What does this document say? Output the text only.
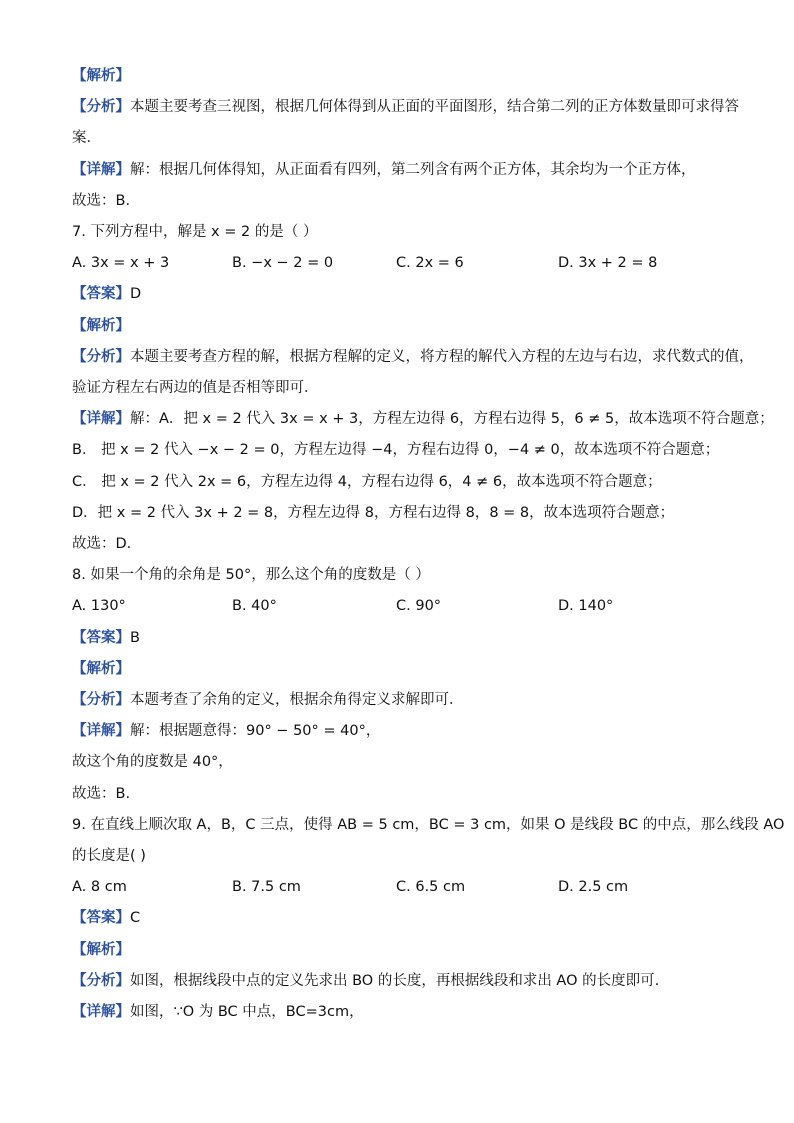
【解析】
【分析】本题主要考查三视图，根据几何体得到从正面的平面图形，结合第二列的正方体数量即可求得答
案．
【详解】解：根据几何体得知，从正面看有四列，第二列含有两个正方体，其余均为一个正方体，
故选：B．
7. 下列方程中，解是 x = 2 的是（ ）
A. 3x = x + 3	B. −x − 2 = 0	C. 2x = 6	D. 3x + 2 = 8
【答案】D
【解析】
【分析】本题主要考查方程的解，根据方程解的定义，将方程的解代入方程的左边与右边，求代数式的值，
验证方程左右两边的值是否相等即可．
【详解】解：A．把 x = 2 代入 3x = x + 3，方程左边得 6，方程右边得 5，6 ≠ 5，故本选项不符合题意；
B． 把 x = 2 代入 −x − 2 = 0，方程左边得 −4，方程右边得 0，−4 ≠ 0，故本选项不符合题意；
C． 把 x = 2 代入 2x = 6，方程左边得 4，方程右边得 6，4 ≠ 6，故本选项不符合题意；
D．把 x = 2 代入 3x + 2 = 8，方程左边得 8，方程右边得 8，8 = 8，故本选项符合题意；
故选：D．
8. 如果一个角的余角是 50°，那么这个角的度数是（ ）
A. 130°	B. 40°	C. 90°	D. 140°
【答案】B
【解析】
【分析】本题考查了余角的定义，根据余角得定义求解即可．
【详解】解：根据题意得：90° − 50° = 40°，
故这个角的度数是 40°，
故选：B.
9. 在直线上顺次取 A，B，C 三点，使得 AB = 5 cm，BC = 3 cm，如果 O 是线段 BC 的中点，那么线段 AO
的长度是( )
A. 8 cm	B. 7.5 cm	C. 6.5 cm	D. 2.5 cm
【答案】C
【解析】
【分析】如图，根据线段中点的定义先求出 BO 的长度，再根据线段和求出 AO 的长度即可.
【详解】如图，∵O 为 BC 中点，BC=3cm，
